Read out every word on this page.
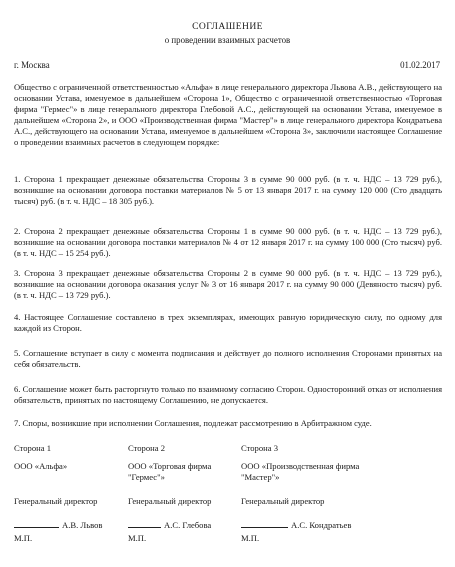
СОГЛАШЕНИЕ
о проведении взаимных расчетов
г. Москва	01.02.2017
Общество с ограниченной ответственностью «Альфа» в лице генерального директора Львова А.В., действующего на основании Устава, именуемое в дальнейшем «Сторона 1», Общество с ограниченной ответственностью «Торговая фирма "Гермес"» в лице генерального директора Глебовой А.С., действующей на основании Устава, именуемое в дальнейшем «Сторона 2», и ООО «Производственная фирма "Мастер"» в лице генерального директора Кондратьева А.С., действующего на основании Устава, именуемое в дальнейшем «Сторона 3», заключили настоящее Соглашение о проведении взаимных расчетов в следующем порядке:
1. Сторона 1 прекращает денежные обязательства Стороны 3 в сумме 90 000 руб. (в т. ч. НДС – 13 729 руб.), возникшие на основании договора поставки материалов № 5 от 13 января 2017 г. на сумму 120 000 (Сто двадцать тысяч) руб. (в т. ч. НДС – 18 305 руб.).
2. Сторона 2 прекращает денежные обязательства Стороны 1 в сумме 90 000 руб. (в т. ч. НДС – 13 729 руб.), возникшие на основании договора поставки материалов № 4 от 12 января 2017 г. на сумму 100 000 (Сто тысяч) руб. (в т. ч. НДС – 15 254 руб.).
3. Сторона 3 прекращает денежные обязательства Стороны 2 в сумме 90 000 руб. (в т. ч. НДС – 13 729 руб.), возникшие на основании договора оказания услуг № 3 от 16 января 2017 г. на сумму 90 000 (Девяносто тысяч) руб. (в т. ч. НДС – 13 729 руб.).
4. Настоящее Соглашение составлено в трех экземплярах, имеющих равную юридическую силу, по одному для каждой из Сторон.
5. Соглашение вступает в силу с момента подписания и действует до полного исполнения Сторонами принятых на себя обязательств.
6. Соглашение может быть расторгнуто только по взаимному согласию Сторон. Односторонний отказ от исполнения обязательств, принятых по настоящему Соглашению, не допускается.
7. Споры, возникшие при исполнении Соглашения, подлежат рассмотрению в Арбитражном суде.
Сторона 1
ООО «Альфа»
Генеральный директор
А.В. Львов
М.П.
Сторона 2
ООО «Торговая фирма "Гермес"»
Генеральный директор
А.С. Глебова
М.П.
Сторона 3
ООО «Производственная фирма "Мастер"»
Генеральный директор
А.С. Кондратьев
М.П.
